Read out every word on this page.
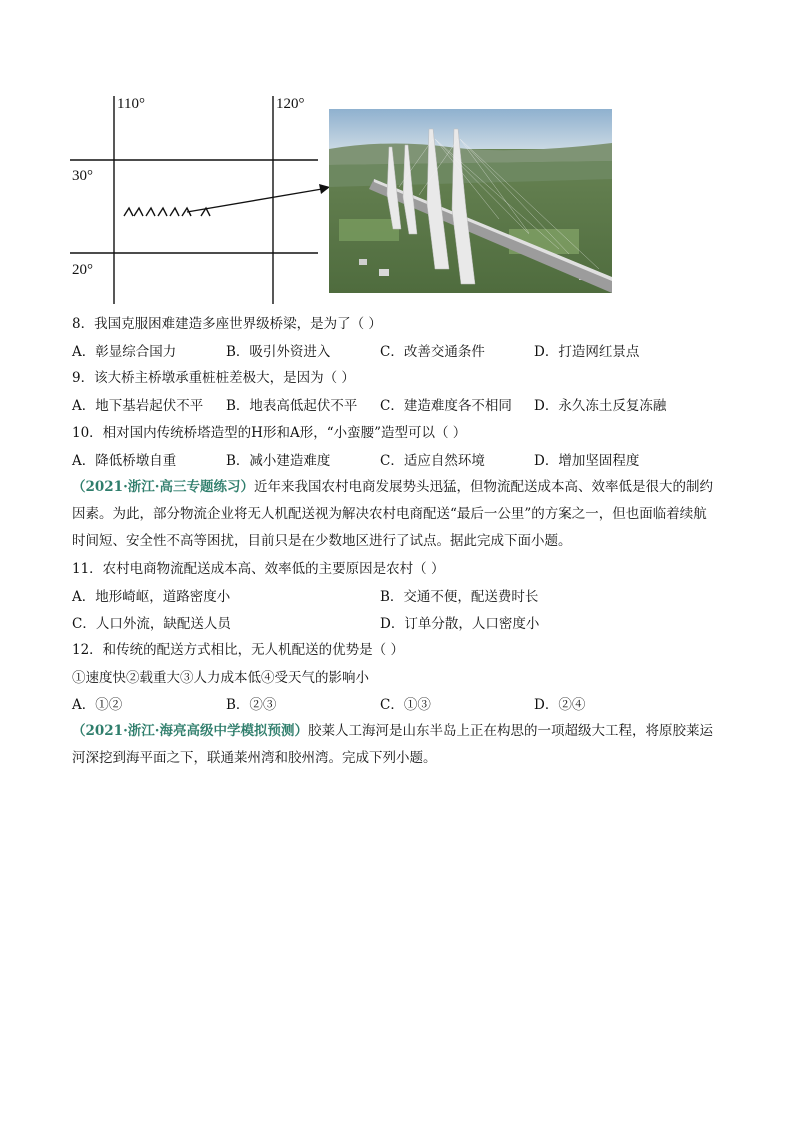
110°	120°
30°
20°
8．我国克服困难建造多座世界级桥梁，是为了（ ）
A．彰显综合国力	B．吸引外资进入	C．改善交通条件	D．打造网红景点
9．该大桥主桥墩承重桩桩差极大，是因为（ ）
A．地下基岩起伏不平 B．地表高低起伏不平 C．建造难度各不相同 D．永久冻土反复冻融
10．相对国内传统桥塔造型的H形和A形，“小蛮腰”造型可以（ ）
A．降低桥墩自重	B．减小建造难度	C．适应自然环境	D．增加坚固程度
（2021·浙江·高三专题练习）近年来我国农村电商发展势头迅猛，但物流配送成本高、效率低是很大的制约
因素。为此，部分物流企业将无人机配送视为解决农村电商配送“最后一公里”的方案之一，但也面临着续航
时间短、安全性不高等困扰，目前只是在少数地区进行了试点。据此完成下面小题。
11．农村电商物流配送成本高、效率低的主要原因是农村（ ）
A．地形崎岖，道路密度小	B．交通不便，配送费时长
C．人口外流，缺配送人员	D．订单分散，人口密度小
12．和传统的配送方式相比，无人机配送的优势是（ ）
①速度快②载重大③人力成本低④受天气的影响小
A．①②	B．②③	C．①③	D．②④
（2021·浙江·海亮高级中学模拟预测）胶莱人工海河是山东半岛上正在构思的一项超级大工程，将原胶莱运
河深挖到海平面之下，联通莱州湾和胶州湾。完成下列小题。
